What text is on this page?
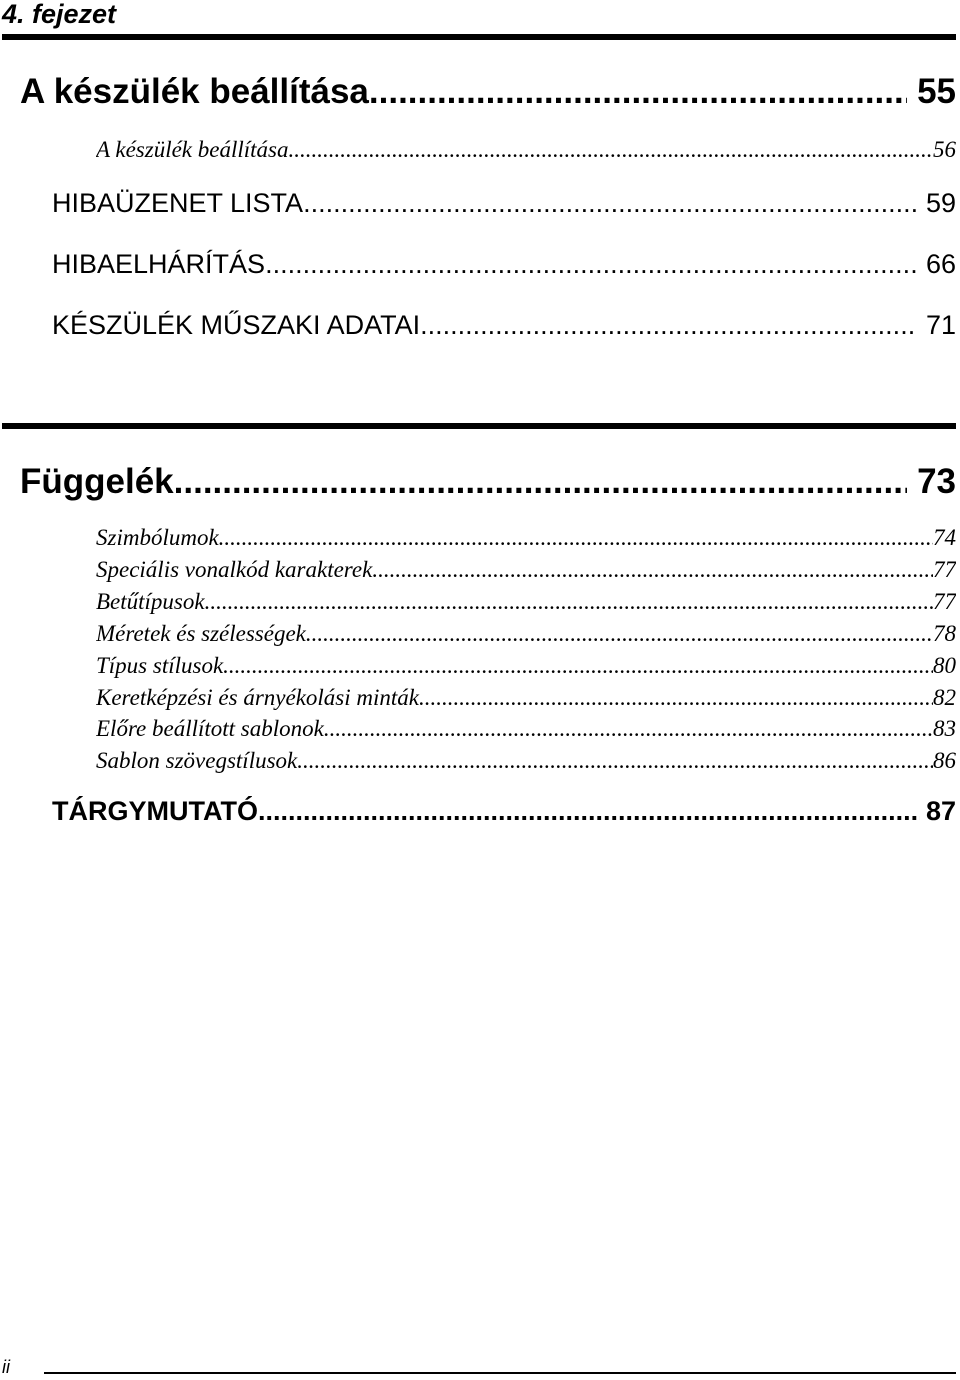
4. fejezet
A készülék beállítása .....	55
A készülék beállítása .....	56
HIBAÜZENET LISTA .....	59
HIBAELHÁRÍTÁS .....	66
KÉSZÜLÉK MŰSZAKI ADATAI .....	71
Függelék .....	73
Szimbólumok .....	74
Speciális vonalkód karakterek .....	77
Betűtípusok .....	77
Méretek és szélességek .....	78
Típus stílusok .....	80
Keretképzési és árnyékolási minták .....	82
Előre beállított sablonok .....	83
Sablon szövegstílusok .....	86
TÁRGYMUTATÓ .....	87
ii
